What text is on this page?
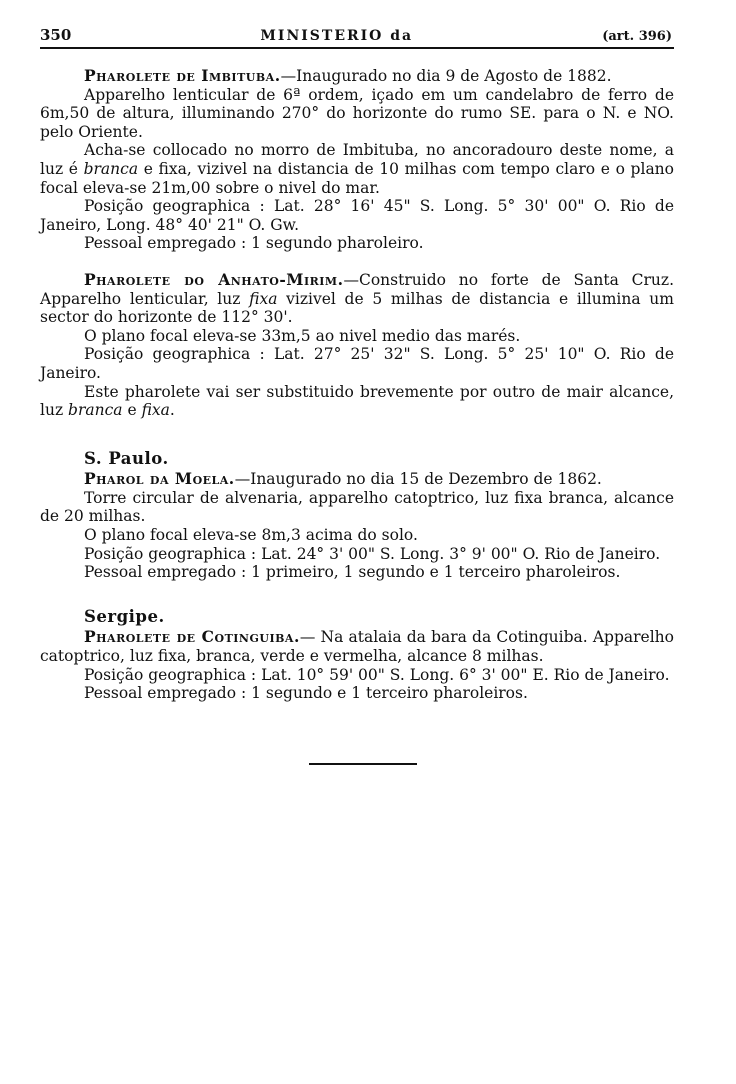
350	MINISTERIO da	(art. 396)

Pharolete de Imbituba.—Inaugurado no dia 9 de Agosto de 1882.

Apparelho lenticular de 6ª ordem, içado em um candelabro de ferro de 6m,50 de altura, illuminando 270° do horizonte do rumo SE. para o N. e NO. pelo Oriente.

Acha-se collocado no morro de Imbituba, no ancoradouro deste nome, a luz é branca e fixa, vizivel na distancia de 10 milhas com tempo claro e o plano focal eleva-se 21m,00 sobre o nivel do mar.

Posição geographica : Lat. 28° 16' 45" S. Long. 5° 30' 00" O. Rio de Janeiro, Long. 48° 40' 21" O. Gw.

Pessoal empregado : 1 segundo pharoleiro.

Pharolete do Anhato-Mirim.—Construido no forte de Santa Cruz. Apparelho lenticular, luz fixa vizivel de 5 milhas de distancia e illumina um sector do horizonte de 112° 30'.

O plano focal eleva-se 33m,5 ao nivel medio das marés.

Posição geographica : Lat. 27° 25' 32" S. Long. 5° 25' 10" O. Rio de Janeiro.

Este pharolete vai ser substituido brevemente por outro de mair alcance, luz branca e fixa.

S. Paulo.

Pharol da Moela.—Inaugurado no dia 15 de Dezembro de 1862.

Torre circular de alvenaria, apparelho catoptrico, luz fixa branca, alcance de 20 milhas.

O plano focal eleva-se 8m,3 acima do solo.

Posição geographica : Lat. 24° 3' 00" S. Long. 3° 9' 00" O. Rio de Janeiro.

Pessoal empregado : 1 primeiro, 1 segundo e 1 terceiro pharoleiros.

Sergipe.

Pharolete de Cotinguiba.— Na atalaia da bara da Cotinguiba. Apparelho catoptrico, luz fixa, branca, verde e vermelha, alcance 8 milhas.

Posição geographica : Lat. 10° 59' 00" S. Long. 6° 3' 00" E. Rio de Janeiro.

Pessoal empregado : 1 segundo e 1 terceiro pharoleiros.
